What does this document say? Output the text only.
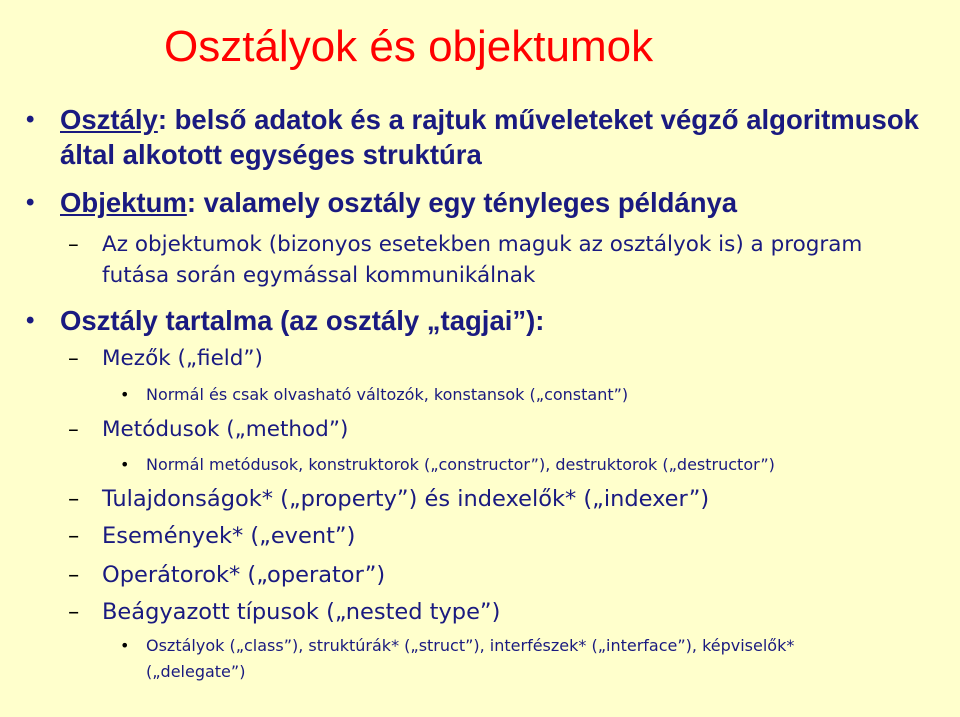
Osztályok és objektumok
• Osztály: belső adatok és a rajtuk műveleteket végző algoritmusok által alkotott egységes struktúra
• Objektum: valamely osztály egy tényleges példánya
– Az objektumok (bizonyos esetekben maguk az osztályok is) a program
futása során egymással kommunikálnak
• Osztály tartalma (az osztály „tagjai”):
– Mezők („field”)
• Normál és csak olvasható változók, konstansok („constant”)
– Metódusok („method”)
• Normál metódusok, konstruktorok („constructor”), destruktorok („destructor”)
– Tulajdonságok* („property”) és indexelők* („indexer”)
– Események* („event”)
– Operátorok* („operator”)
– Beágyazott típusok („nested type”)
• Osztályok („class”), struktúrák* („struct”), interfészek* („interface”), képviselők*
(„delegate”)
